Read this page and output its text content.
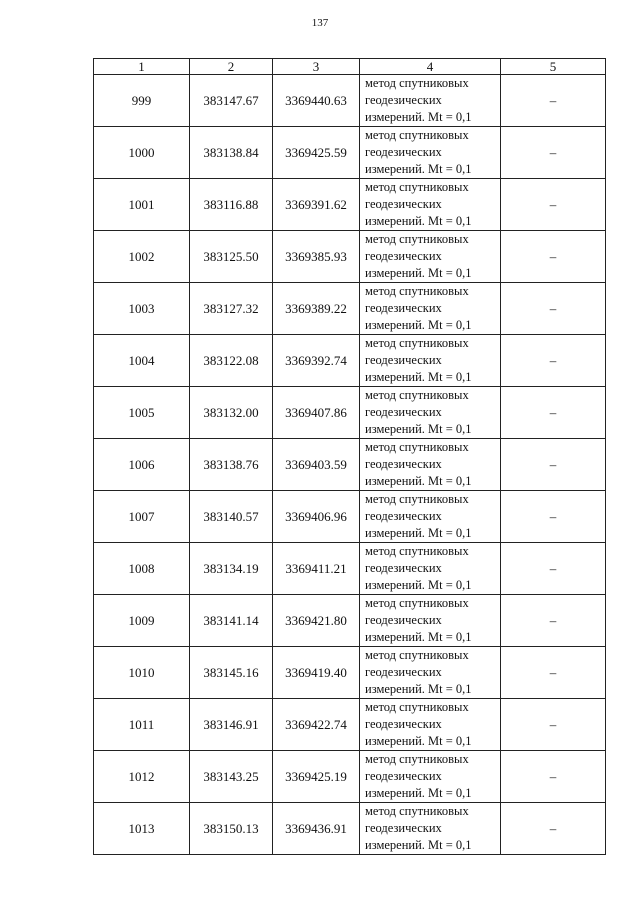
137
1	2	3	4	5
999	383147.67	3369440.63	метод спутниковых
геодезических
измерений. Mt = 0,1	–
1000	383138.84	3369425.59	метод спутниковых
геодезических
измерений. Mt = 0,1	–
1001	383116.88	3369391.62	метод спутниковых
геодезических
измерений. Mt = 0,1	–
1002	383125.50	3369385.93	метод спутниковых
геодезических
измерений. Mt = 0,1	–
1003	383127.32	3369389.22	метод спутниковых
геодезических
измерений. Mt = 0,1	–
1004	383122.08	3369392.74	метод спутниковых
геодезических
измерений. Mt = 0,1	–
1005	383132.00	3369407.86	метод спутниковых
геодезических
измерений. Mt = 0,1	–
1006	383138.76	3369403.59	метод спутниковых
геодезических
измерений. Mt = 0,1	–
1007	383140.57	3369406.96	метод спутниковых
геодезических
измерений. Mt = 0,1	–
1008	383134.19	3369411.21	метод спутниковых
геодезических
измерений. Mt = 0,1	–
1009	383141.14	3369421.80	метод спутниковых
геодезических
измерений. Mt = 0,1	–
1010	383145.16	3369419.40	метод спутниковых
геодезических
измерений. Mt = 0,1	–
1011	383146.91	3369422.74	метод спутниковых
геодезических
измерений. Mt = 0,1	–
1012	383143.25	3369425.19	метод спутниковых
геодезических
измерений. Mt = 0,1	–
1013	383150.13	3369436.91	метод спутниковых
геодезических
измерений. Mt = 0,1	–
